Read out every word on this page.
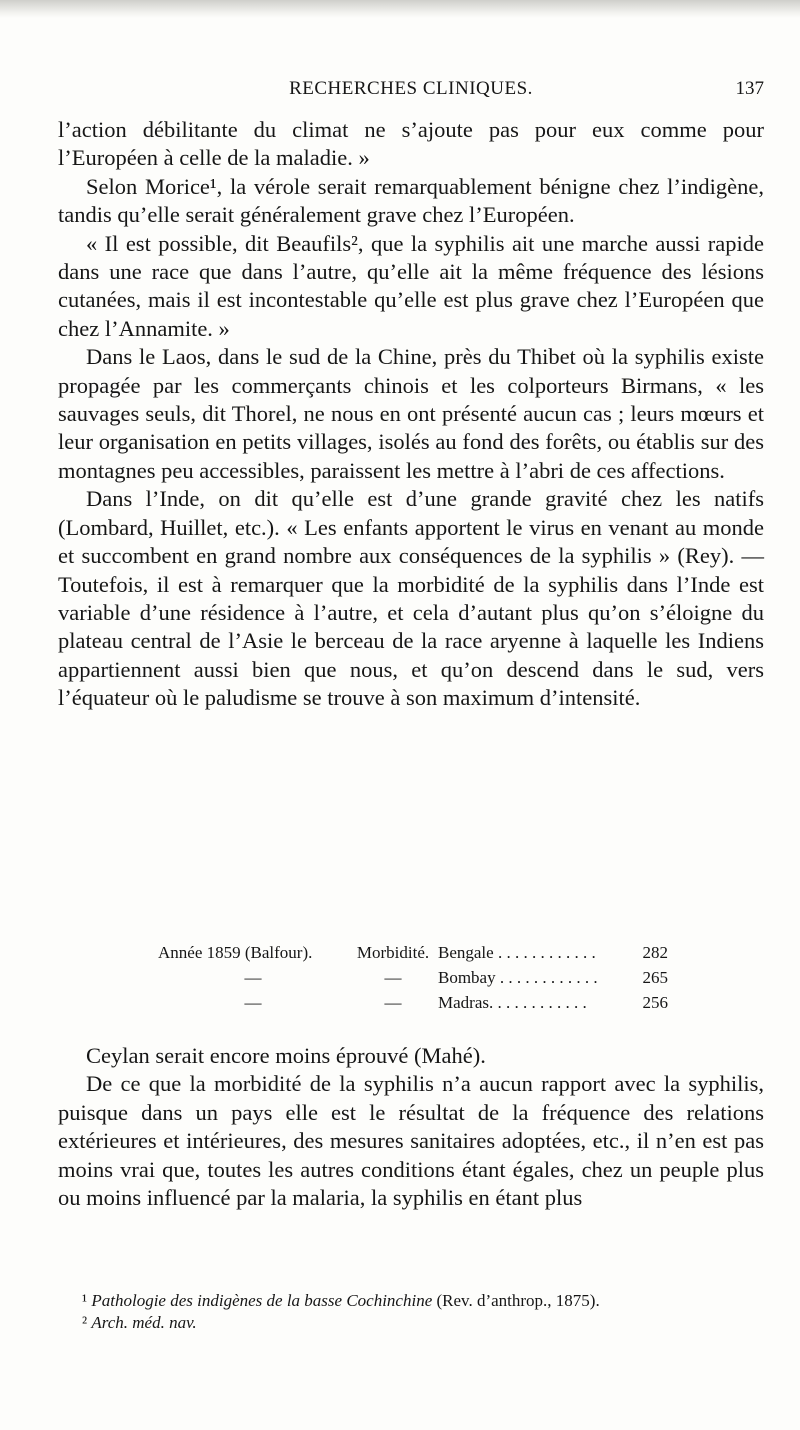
RECHERCHES CLINIQUES.	137

l’action débilitante du climat ne s’ajoute pas pour eux comme pour l’Européen à celle de la maladie. »

Selon Morice¹, la vérole serait remarquablement bénigne chez l’indigène, tandis qu’elle serait généralement grave chez l’Européen.

« Il est possible, dit Beaufils², que la syphilis ait une marche aussi rapide dans une race que dans l’autre, qu’elle ait la même fréquence des lésions cutanées, mais il est incontestable qu’elle est plus grave chez l’Européen que chez l’Annamite. »

Dans le Laos, dans le sud de la Chine, près du Thibet où la syphilis existe propagée par les commerçants chinois et les colporteurs Birmans, « les sauvages seuls, dit Thorel, ne nous en ont présenté aucun cas ; leurs mœurs et leur organisation en petits villages, isolés au fond des forêts, ou établis sur des montagnes peu accessibles, paraissent les mettre à l’abri de ces affections.

Dans l’Inde, on dit qu’elle est d’une grande gravité chez les natifs (Lombard, Huillet, etc.). « Les enfants apportent le virus en venant au monde et succombent en grand nombre aux conséquences de la syphilis » (Rey). — Toutefois, il est à remarquer que la morbidité de la syphilis dans l’Inde est variable d’une résidence à l’autre, et cela d’autant plus qu’on s’éloigne du plateau central de l’Asie le berceau de la race aryenne à laquelle les Indiens appartiennent aussi bien que nous, et qu’on descend dans le sud, vers l’équateur où le paludisme se trouve à son maximum d’intensité.

Année 1859 (Balfour).	Morbidité. Bengale . . . . . . . . . . . .	282
—	—	Bombay . . . . . . . . . . . .	265
—	—	Madras. . . . . . . . . . . .	256

Ceylan serait encore moins éprouvé (Mahé).

De ce que la morbidité de la syphilis n’a aucun rapport avec la syphilis, puisque dans un pays elle est le résultat de la fréquence des relations extérieures et intérieures, des mesures sanitaires adoptées, etc., il n’en est pas moins vrai que, toutes les autres conditions étant égales, chez un peuple plus ou moins influencé par la malaria, la syphilis en étant plus

¹ Pathologie des indigènes de la basse Cochinchine (Rev. d’anthrop., 1875).

² Arch. méd. nav.
